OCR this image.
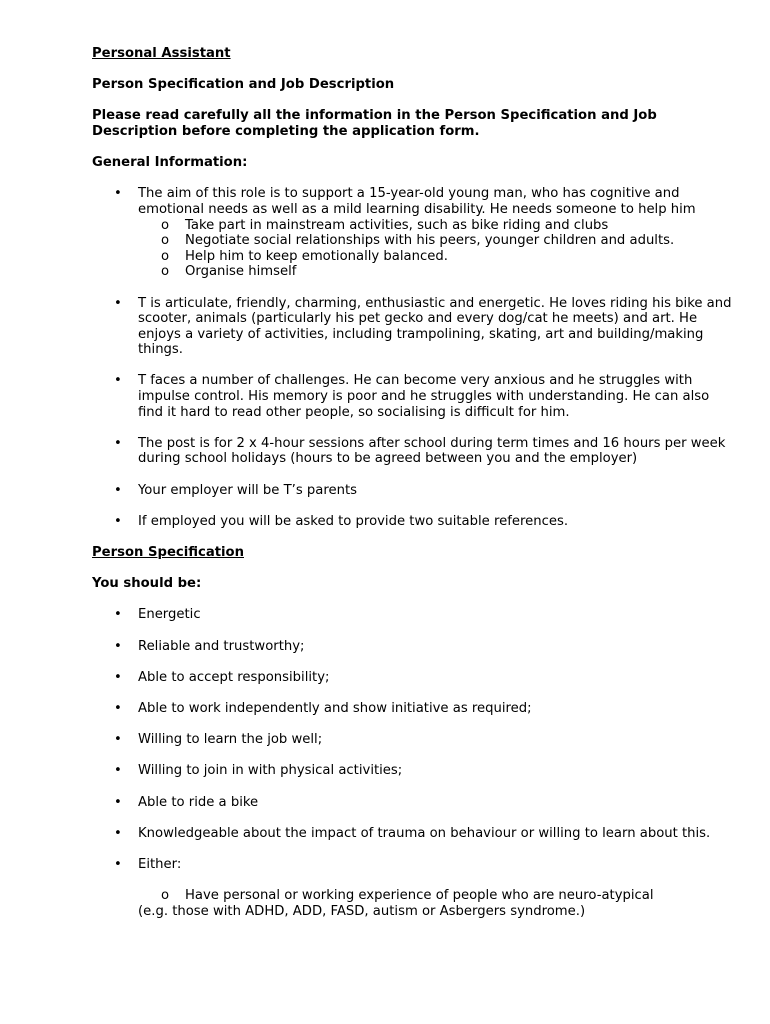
Personal Assistant

Person Specification and Job Description

Please read carefully all the information in the Person Specification and Job Description before completing the application form.

General Information:

• The aim of this role is to support a 15-year-old young man, who has cognitive and emotional needs as well as a mild learning disability. He needs someone to help him
o Take part in mainstream activities, such as bike riding and clubs
o Negotiate social relationships with his peers, younger children and adults.
o Help him to keep emotionally balanced.
o Organise himself
• T is articulate, friendly, charming, enthusiastic and energetic. He loves riding his bike and scooter, animals (particularly his pet gecko and every dog/cat he meets) and art. He enjoys a variety of activities, including trampolining, skating, art and building/making things.
• T faces a number of challenges. He can become very anxious and he struggles with impulse control. His memory is poor and he struggles with understanding. He can also find it hard to read other people, so socialising is difficult for him.
• The post is for 2 x 4-hour sessions after school during term times and 16 hours per week during school holidays (hours to be agreed between you and the employer)
• Your employer will be T’s parents
• If employed you will be asked to provide two suitable references.

Person Specification

You should be:

• Energetic
• Reliable and trustworthy;
• Able to accept responsibility;
• Able to work independently and show initiative as required;
• Willing to learn the job well;
• Willing to join in with physical activities;
• Able to ride a bike
• Knowledgeable about the impact of trauma on behaviour or willing to learn about this.
• Either:
o Have personal or working experience of people who are neuro-atypical
(e.g. those with ADHD, ADD, FASD, autism or Asbergers syndrome.)
